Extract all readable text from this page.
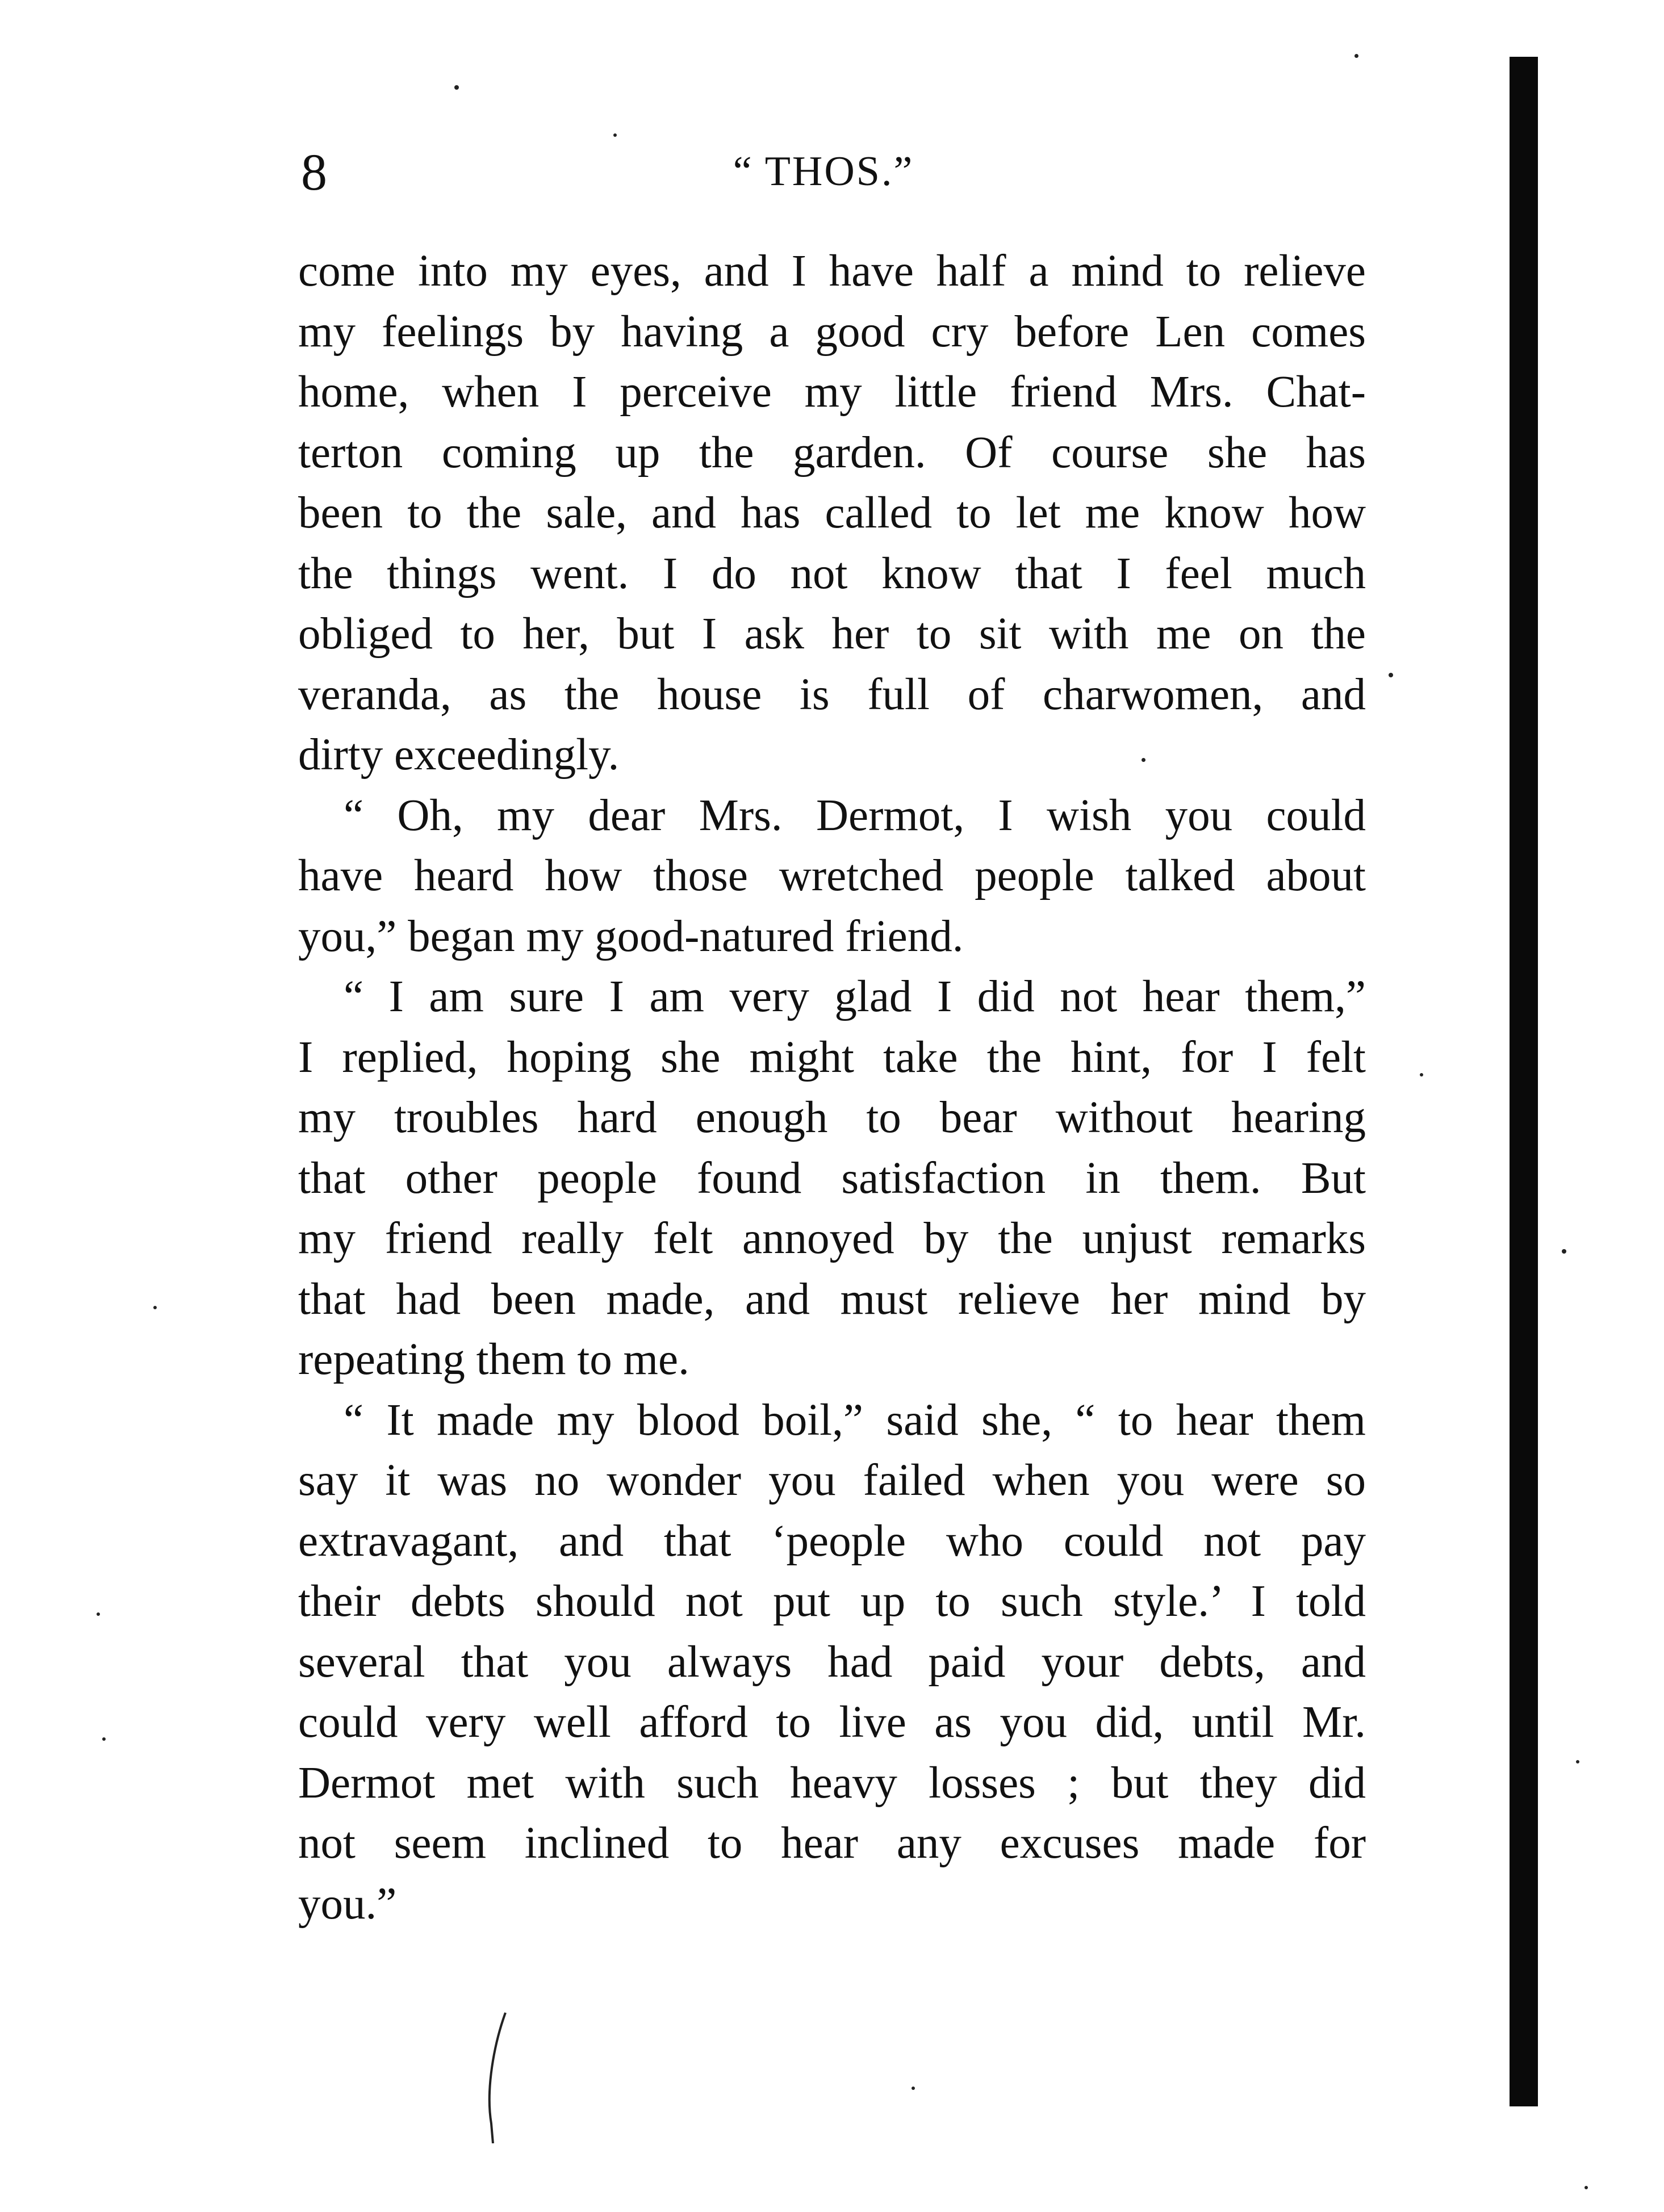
8	“ THOS.”
come into my eyes, and I have half a mind to relieve
my feelings by having a good cry before Len comes
home, when I perceive my little friend Mrs. Chat-
terton coming up the garden. Of course she has
been to the sale, and has called to let me know how
the things went. I do not know that I feel much
obliged to her, but I ask her to sit with me on the
veranda, as the house is full of charwomen, and
dirty exceedingly.
“ Oh, my dear Mrs. Dermot, I wish you could
have heard how those wretched people talked about
you,” began my good-natured friend.
“ I am sure I am very glad I did not hear them,”
I replied, hoping she might take the hint, for I felt
my troubles hard enough to bear without hearing
that other people found satisfaction in them. But
my friend really felt annoyed by the unjust remarks
that had been made, and must relieve her mind by
repeating them to me.
“ It made my blood boil,” said she, “ to hear them
say it was no wonder you failed when you were so
extravagant, and that ‘people who could not pay
their debts should not put up to such style.’ I told
several that you always had paid your debts, and
could very well afford to live as you did, until Mr.
Dermot met with such heavy losses ; but they did
not seem inclined to hear any excuses made for
you.”
